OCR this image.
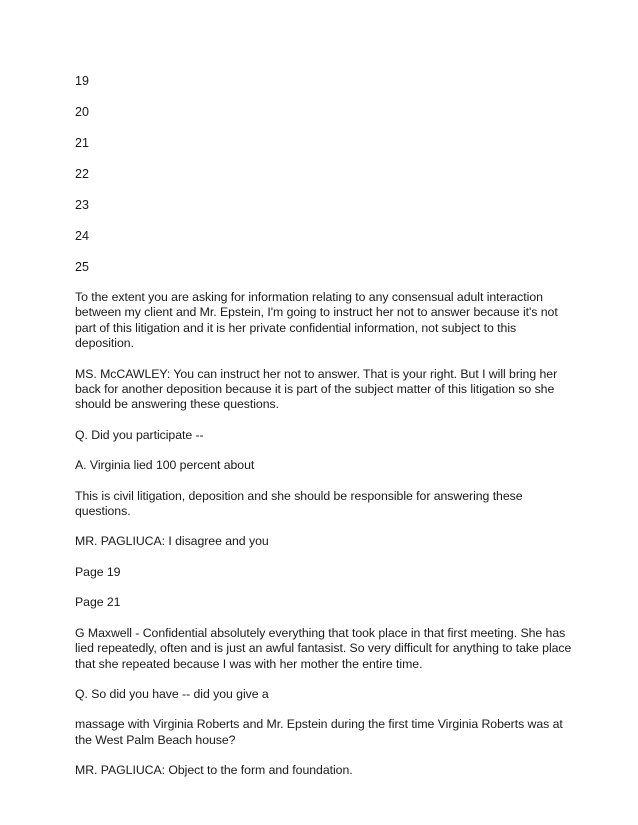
19
20
21
22
23
24
25

To the extent you are asking for information relating to any consensual adult interaction between my client and Mr. Epstein, I'm going to instruct her not to answer because it's not part of this litigation and it is her private confidential information, not subject to this deposition.

MS. McCAWLEY: You can instruct her not to answer. That is your right. But I will bring her back for another deposition because it is part of the subject matter of this litigation so she should be answering these questions.

Q. Did you participate --

A. Virginia lied 100 percent about

This is civil litigation, deposition and she should be responsible for answering these questions.

MR. PAGLIUCA: I disagree and you

Page 19

Page 21

G Maxwell - Confidential absolutely everything that took place in that first meeting. She has lied repeatedly, often and is just an awful fantasist. So very difficult for anything to take place that she repeated because I was with her mother the entire time.

Q. So did you have -- did you give a

massage with Virginia Roberts and Mr. Epstein during the first time Virginia Roberts was at the West Palm Beach house?

MR. PAGLIUCA: Object to the form and foundation.
